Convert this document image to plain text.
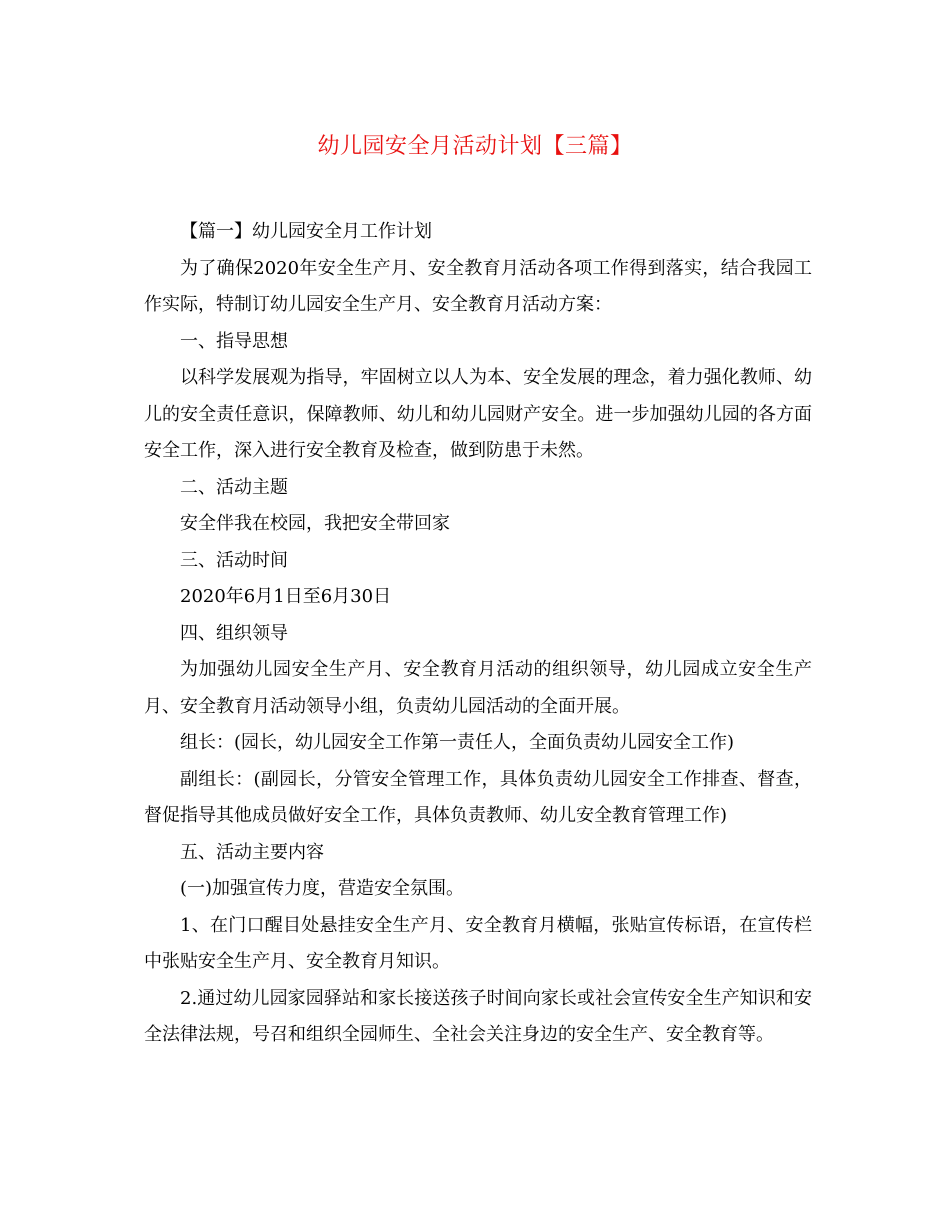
幼儿园安全月活动计划【三篇】

【篇一】幼儿园安全月工作计划

为了确保2020年安全生产月、安全教育月活动各项工作得到落实，结合我园工作实际，特制订幼儿园安全生产月、安全教育月活动方案：

一、指导思想

以科学发展观为指导，牢固树立以人为本、安全发展的理念，着力强化教师、幼儿的安全责任意识，保障教师、幼儿和幼儿园财产安全。进一步加强幼儿园的各方面安全工作，深入进行安全教育及检查，做到防患于未然。

二、活动主题

安全伴我在校园，我把安全带回家

三、活动时间

2020年6月1日至6月30日

四、组织领导

为加强幼儿园安全生产月、安全教育月活动的组织领导，幼儿园成立安全生产月、安全教育月活动领导小组，负责幼儿园活动的全面开展。

组长：(园长，幼儿园安全工作第一责任人，全面负责幼儿园安全工作)

副组长：(副园长，分管安全管理工作，具体负责幼儿园安全工作排查、督查，督促指导其他成员做好安全工作，具体负责教师、幼儿安全教育管理工作)

五、活动主要内容

(一)加强宣传力度，营造安全氛围。

1、在门口醒目处悬挂安全生产月、安全教育月横幅，张贴宣传标语，在宣传栏中张贴安全生产月、安全教育月知识。

2.通过幼儿园家园驿站和家长接送孩子时间向家长或社会宣传安全生产知识和安全法律法规，号召和组织全园师生、全社会关注身边的安全生产、安全教育等。
